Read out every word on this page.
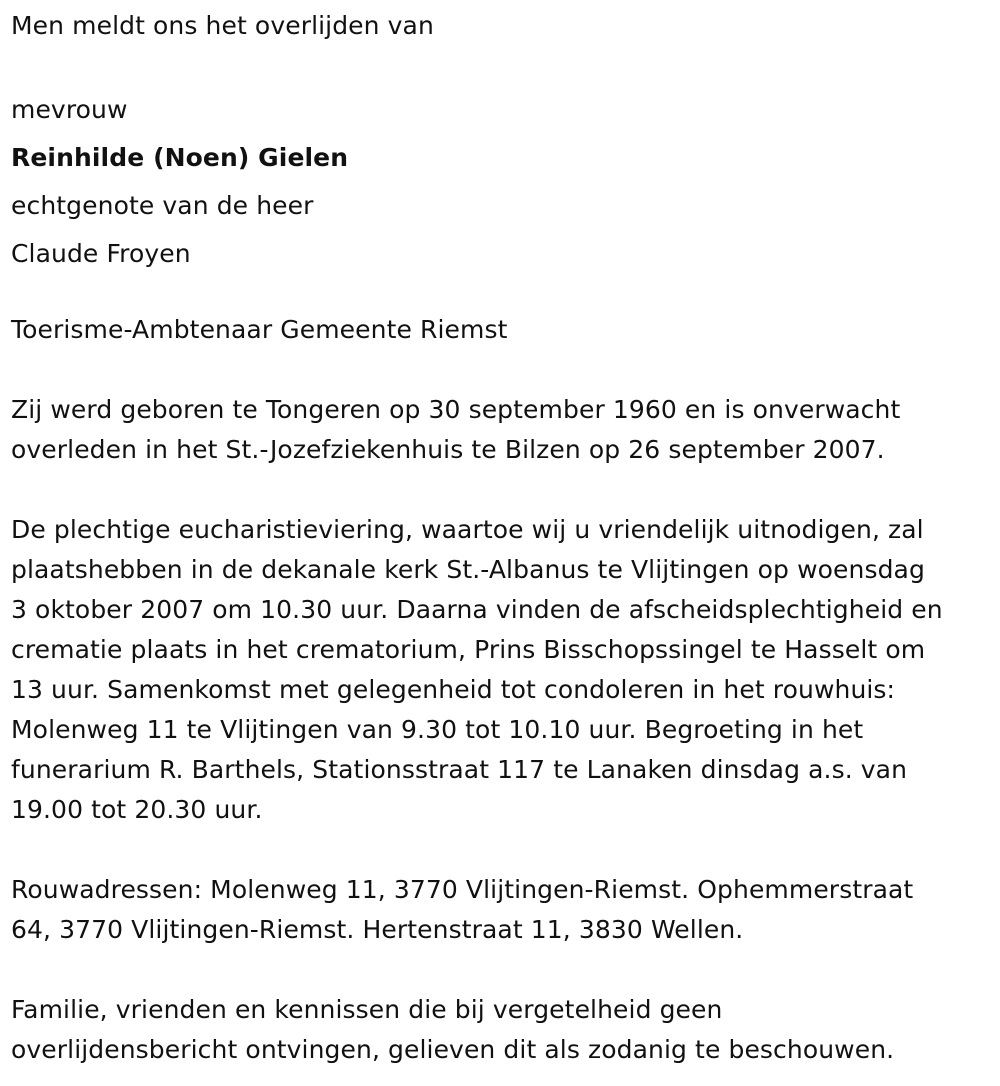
Men meldt ons het overlijden van
mevrouw
Reinhilde (Noen) Gielen
echtgenote van de heer
Claude Froyen
Toerisme-Ambtenaar Gemeente Riemst
Zij werd geboren te Tongeren op 30 september 1960 en is onverwacht
overleden in het St.-Jozefziekenhuis te Bilzen op 26 september 2007.
De plechtige eucharistieviering, waartoe wij u vriendelijk uitnodigen, zal
plaatshebben in de dekanale kerk St.-Albanus te Vlijtingen op woensdag
3 oktober 2007 om 10.30 uur. Daarna vinden de afscheidsplechtigheid en
crematie plaats in het crematorium, Prins Bisschopssingel te Hasselt om
13 uur. Samenkomst met gelegenheid tot condoleren in het rouwhuis:
Molenweg 11 te Vlijtingen van 9.30 tot 10.10 uur. Begroeting in het
funerarium R. Barthels, Stationsstraat 117 te Lanaken dinsdag a.s. van
19.00 tot 20.30 uur.
Rouwadressen: Molenweg 11, 3770 Vlijtingen-Riemst. Ophemmerstraat
64, 3770 Vlijtingen-Riemst. Hertenstraat 11, 3830 Wellen.
Familie, vrienden en kennissen die bij vergetelheid geen
overlijdensbericht ontvingen, gelieven dit als zodanig te beschouwen.
